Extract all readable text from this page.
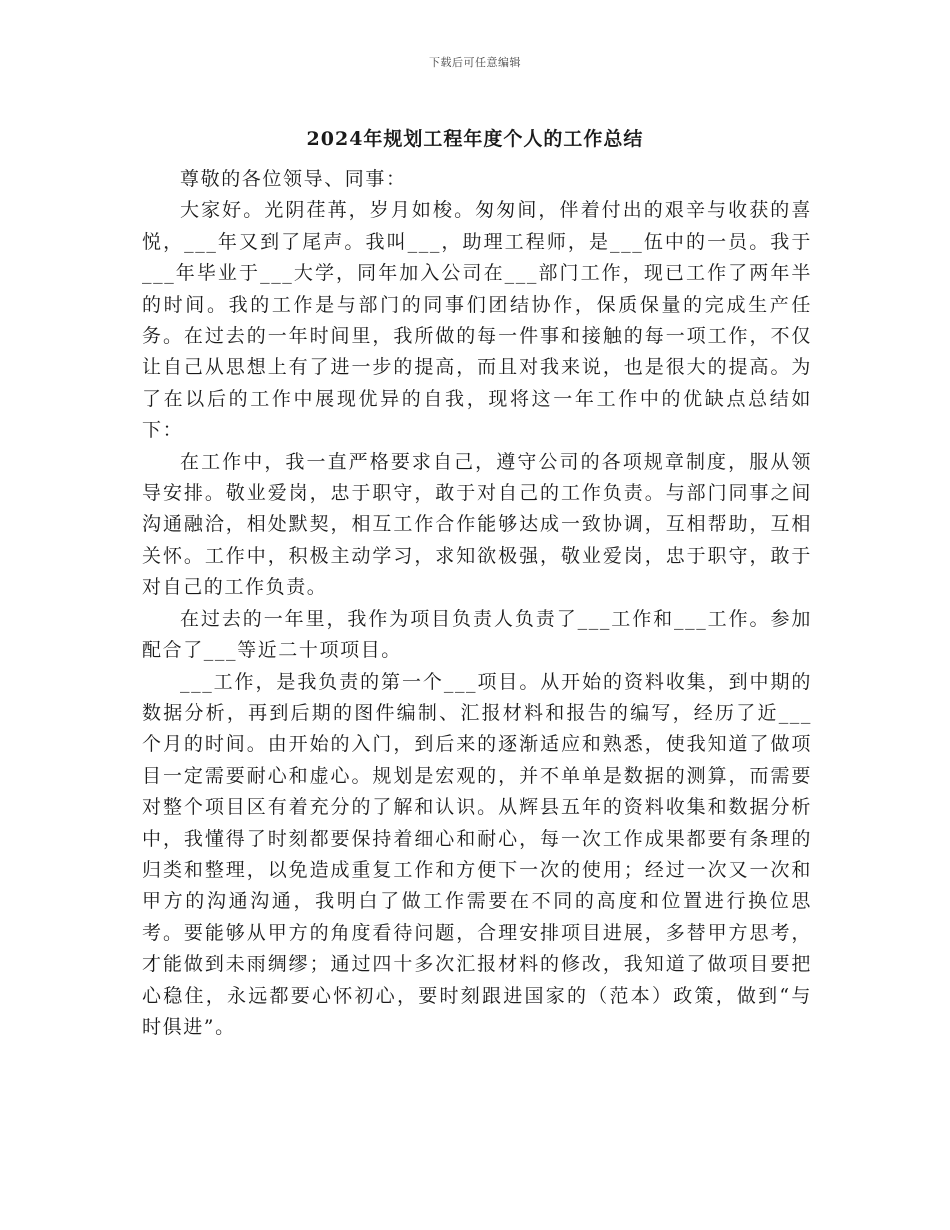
下载后可任意编辑
2024年规划工程年度个人的工作总结

尊敬的各位领导、同事：

大家好。光阴荏苒，岁月如梭。匆匆间，伴着付出的艰辛与收获的喜悦，___年又到了尾声。我叫___，助理工程师，是___伍中的一员。我于___年毕业于___大学，同年加入公司在___部门工作，现已工作了两年半的时间。我的工作是与部门的同事们团结协作，保质保量的完成生产任务。在过去的一年时间里，我所做的每一件事和接触的每一项工作，不仅让自己从思想上有了进一步的提高，而且对我来说，也是很大的提高。为了在以后的工作中展现优异的自我，现将这一年工作中的优缺点总结如下：

在工作中，我一直严格要求自己，遵守公司的各项规章制度，服从领导安排。敬业爱岗，忠于职守，敢于对自己的工作负责。与部门同事之间沟通融洽，相处默契，相互工作合作能够达成一致协调，互相帮助，互相关怀。工作中，积极主动学习，求知欲极强，敬业爱岗，忠于职守，敢于对自己的工作负责。

在过去的一年里，我作为项目负责人负责了___工作和___工作。参加配合了___等近二十项项目。

___工作，是我负责的第一个___项目。从开始的资料收集，到中期的数据分析，再到后期的图件编制、汇报材料和报告的编写，经历了近___个月的时间。由开始的入门，到后来的逐渐适应和熟悉，使我知道了做项目一定需要耐心和虚心。规划是宏观的，并不单单是数据的测算，而需要对整个项目区有着充分的了解和认识。从辉县五年的资料收集和数据分析中，我懂得了时刻都要保持着细心和耐心，每一次工作成果都要有条理的归类和整理，以免造成重复工作和方便下一次的使用；经过一次又一次和甲方的沟通沟通，我明白了做工作需要在不同的高度和位置进行换位思考。要能够从甲方的角度看待问题，合理安排项目进展，多替甲方思考，才能做到未雨绸缪；通过四十多次汇报材料的修改，我知道了做项目要把心稳住，永远都要心怀初心，要时刻跟进国家的（范本）政策，做到“与时俱进”。
